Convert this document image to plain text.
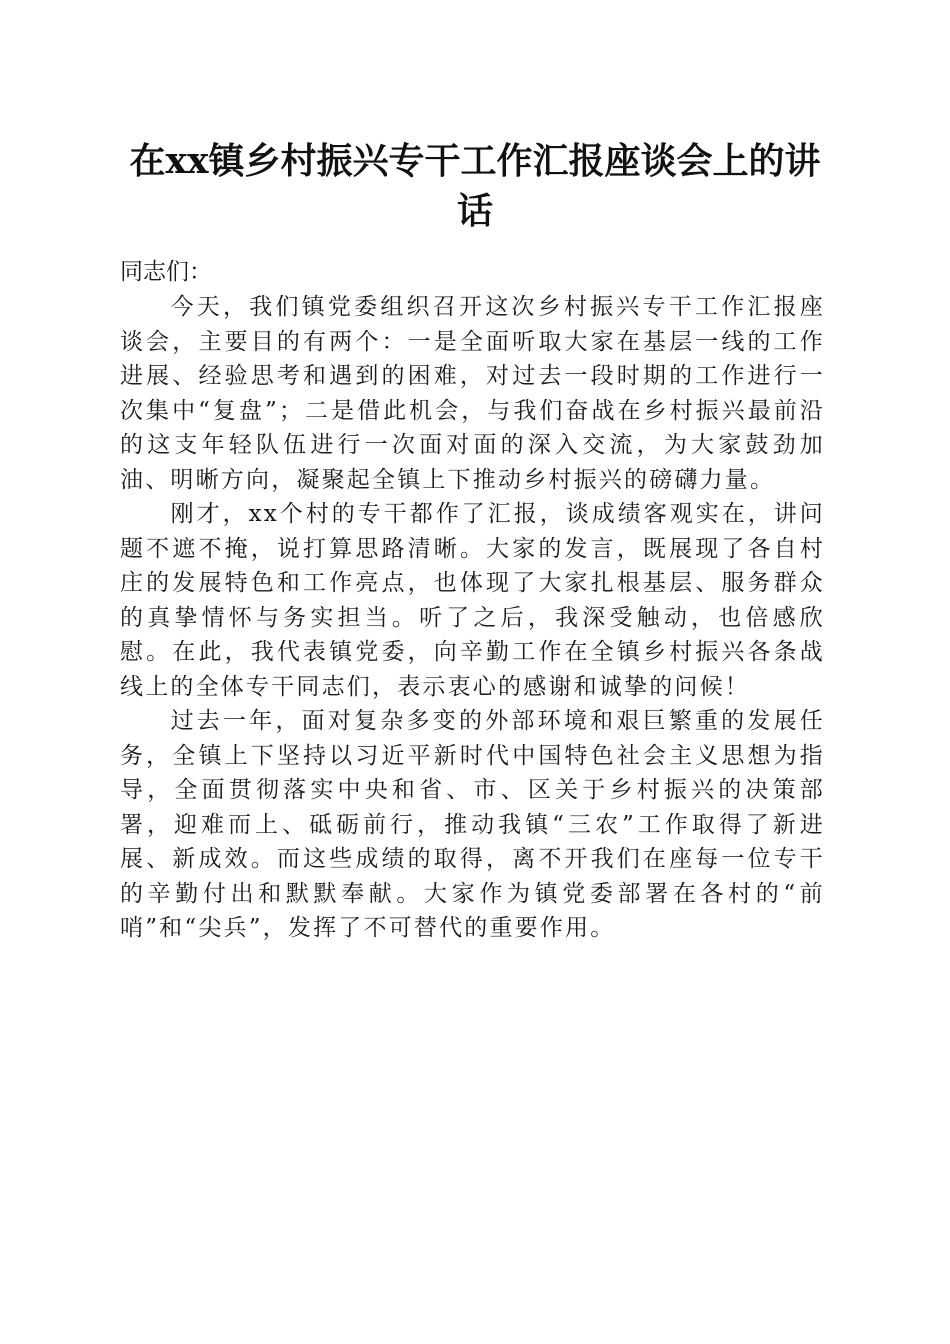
在xx镇乡村振兴专干工作汇报座谈会上的讲话

同志们：

今天，我们镇党委组织召开这次乡村振兴专干工作汇报座谈会，主要目的有两个：一是全面听取大家在基层一线的工作进展、经验思考和遇到的困难，对过去一段时期的工作进行一次集中“复盘”；二是借此机会，与我们奋战在乡村振兴最前沿的这支年轻队伍进行一次面对面的深入交流，为大家鼓劲加油、明晰方向，凝聚起全镇上下推动乡村振兴的磅礴力量。

刚才，xx个村的专干都作了汇报，谈成绩客观实在，讲问题不遮不掩，说打算思路清晰。大家的发言，既展现了各自村庄的发展特色和工作亮点，也体现了大家扎根基层、服务群众的真挚情怀与务实担当。听了之后，我深受触动，也倍感欣慰。在此，我代表镇党委，向辛勤工作在全镇乡村振兴各条战线上的全体专干同志们，表示衷心的感谢和诚挚的问候！

过去一年，面对复杂多变的外部环境和艰巨繁重的发展任务，全镇上下坚持以习近平新时代中国特色社会主义思想为指导，全面贯彻落实中央和省、市、区关于乡村振兴的决策部署，迎难而上、砥砺前行，推动我镇“三农”工作取得了新进展、新成效。而这些成绩的取得，离不开我们在座每一位专干的辛勤付出和默默奉献。大家作为镇党委部署在各村的“前哨”和“尖兵”，发挥了不可替代的重要作用。
